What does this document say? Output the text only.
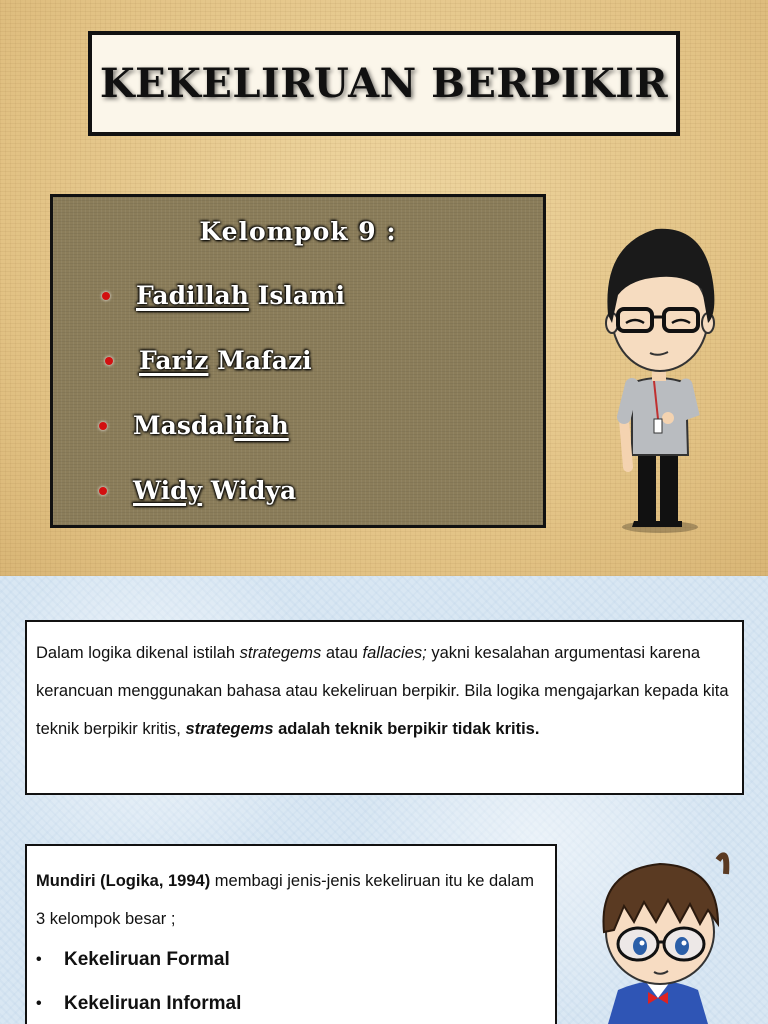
KEKELIRUAN BERPIKIR
Kelompok 9 :
Fadillah Islami
Fariz Mafazi
Masdal ifah
Widy Widya
Dalam logika dikenal istilah strategems atau fallacies; yakni kesalahan argumentasi karena kerancuan menggunakan bahasa atau kekeliruan berpikir. Bila logika mengajarkan kepada kita teknik berpikir kritis, strategems adalah teknik berpikir tidak kritis.
Mundiri (Logika, 1994) membagi jenis-jenis kekeliruan itu ke dalam 3 kelompok besar ;
•	Kekeliruan Formal
•	Kekeliruan Informal
